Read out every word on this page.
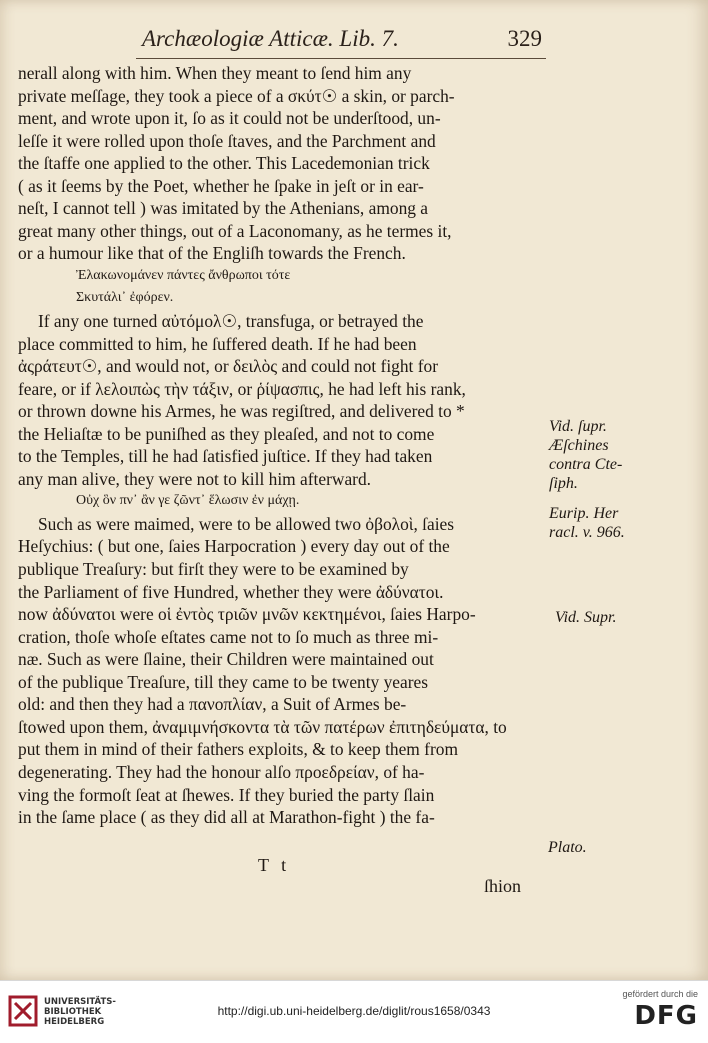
Archæologiæ Atticæ. Lib. 7.	329
nerall along with him. When they meant to ſend him any
private meſſage, they took a piece of a σκύτ☉ a skin, or parch-
ment, and wrote upon it, ſo as it could not be underſtood, un-
leſſe it were rolled upon thoſe ſtaves, and the Parchment and
the ſtaffe one applied to the other. This Lacedemonian trick
( as it ſeems by the Poet, whether he ſpake in jeſt or in ear-
neſt, I cannot tell ) was imitated by the Athenians, among a
great many other things, out of a Laconomany, as he termes it,
or a humour like that of the Engliſh towards the French.
Ἐλακωνομάνεν πάντες ἄνθρωποι τότε
Σκυτάλι᾽ ἐφόρεν.
If any one turned αὐτόμολ☉, transfuga, or betrayed the
place committed to him, he ſuffered death. If he had been
ἀςράτευτ☉, and would not, or δειλὸς and could not fight for
feare, or if λελοιπὼς τὴν τάξιν, or ῥίψασπις, he had left his rank,
or thrown downe his Armes, he was regiſtred, and delivered to *
the Heliaſtæ to be puniſhed as they pleaſed, and not to come
to the Temples, till he had ſatisfied juſtice. If they had taken
any man alive, they were not to kill him afterward.
Οὐχ ὃν πν᾽ ἂν γε ζῶντ᾽ ἕλωσιν ἐν μάχῃ.
Such as were maimed, were to be allowed two ὀβολοὶ, ſaies
Heſychius: ( but one, ſaies Harpocration ) every day out of the
publique Treaſury: but firſt they were to be examined by
the Parliament of five Hundred, whether they were ἀδύνατοι.
now ἀδύνατοι were οἱ ἐντὸς τριῶν μνῶν κεκτημένοι, ſaies Harpo-
cration, thoſe whoſe eſtates came not to ſo much as three mi-
næ. Such as were ſlaine, their Children were maintained out
of the publique Treaſure, till they came to be twenty yeares
old: and then they had a πανοπλίαν, a Suit of Armes be-
ſtowed upon them, ἀναμιμνήσκοντα τὰ τῶν πατέρων ἐπιτηδεύματα, to
put them in mind of their fathers exploits, & to keep them from
degenerating. They had the honour alſo προεδρείαν, of ha-
ving the formoſt ſeat at ſhewes. If they buried the party ſlain
in the ſame place ( as they did all at Marathon-fight ) the fa-
Vid. ſupr.
Æſchines
contra Cte-
ſiph.
Eurip. Her
racl. v. 966.
Vid. Supr.
Plato.
T t
ſhion
UNIVERSITÄTS-
BIBLIOTHEK
HEIDELBERG
http://digi.ub.uni-heidelberg.de/diglit/rous1658/0343
gefördert durch die
DFG
